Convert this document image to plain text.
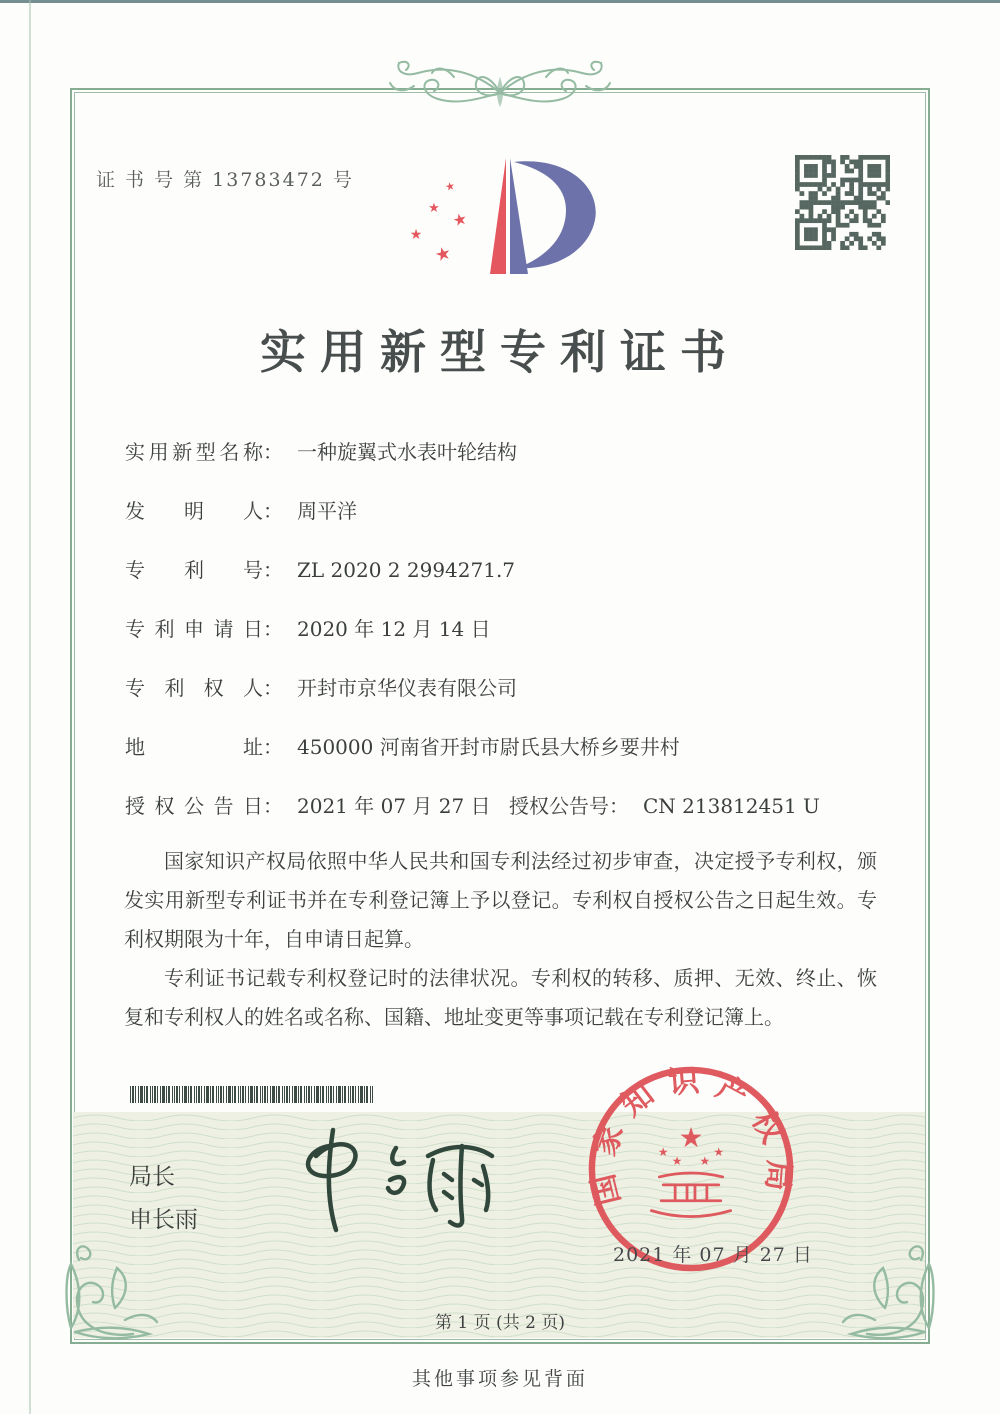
证 书 号 第 13783472 号	★
★
★
★
★
实用新型专利证书
实用新型名称： 一种旋翼式水表叶轮结构
发明人： 周平洋
专利号： ZL 2020 2 2994271.7
专利申请日： 2020 年 12 月 14 日
专利权人： 开封市京华仪表有限公司
地址： 450000 河南省开封市尉氏县大桥乡要井村
授权公告日： 2021 年 07 月 27 日 授权公告号： CN 213812451 U

国家知识产权局依照中华人民共和国专利法经过初步审查，决定授予专利权，颁发实用新型专利证书并在专利登记簿上予以登记。专利权自授权公告之日起生效。专利权期限为十年，自申请日起算。

专利证书记载专利权登记时的法律状况。专利权的转移、质押、无效、终止、恢复和专利权人的姓名或名称、国籍、地址变更等事项记载在专利登记簿上。

局长
申长雨
国家知识产权局
★
★
★ ★
★
2021 年 07 月 27 日
第 1 页 (共 2 页)
其他事项参见背面
